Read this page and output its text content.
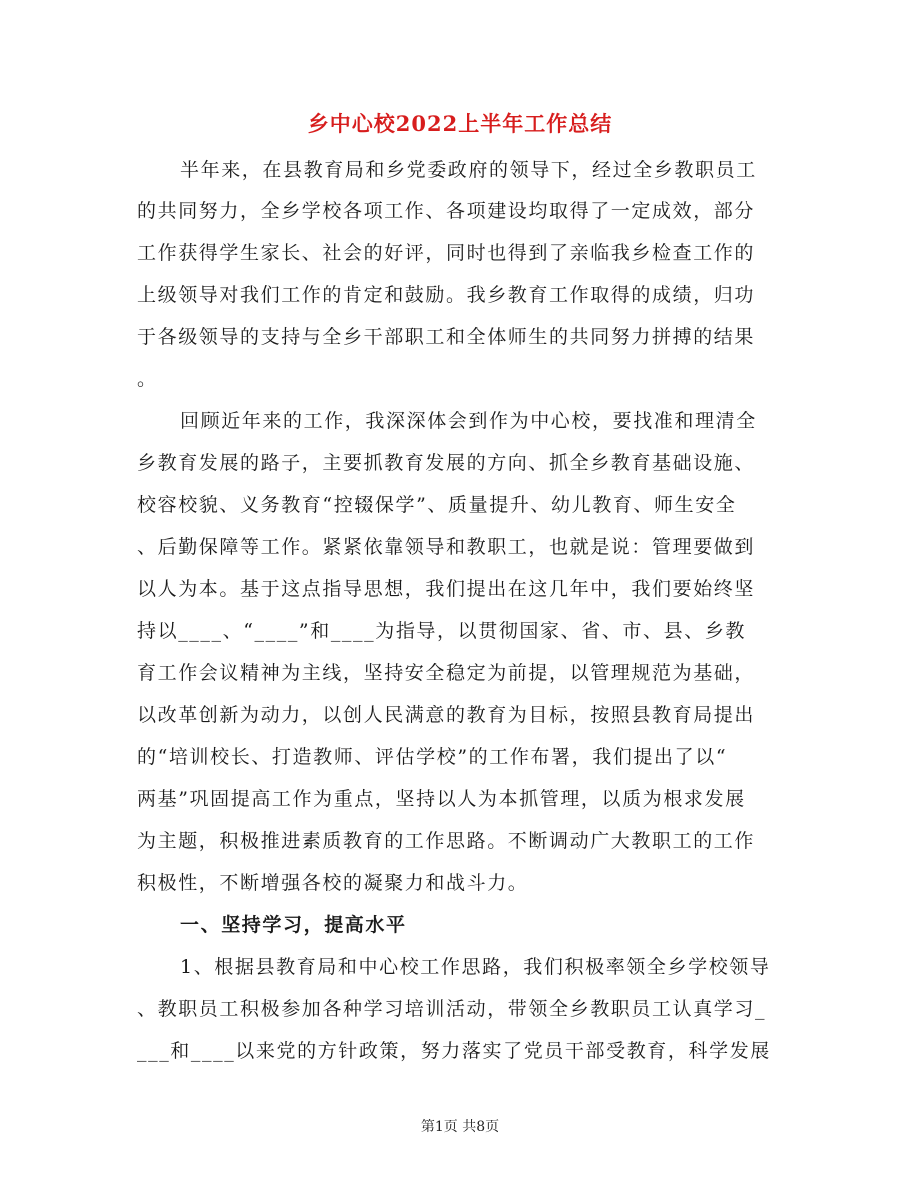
乡中心校2022上半年工作总结
半年来，在县教育局和乡党委政府的领导下，经过全乡教职员工
的共同努力，全乡学校各项工作、各项建设均取得了一定成效，部分
工作获得学生家长、社会的好评，同时也得到了亲临我乡检查工作的
上级领导对我们工作的肯定和鼓励。我乡教育工作取得的成绩，归功
于各级领导的支持与全乡干部职工和全体师生的共同努力拼搏的结果
。
回顾近年来的工作，我深深体会到作为中心校，要找准和理清全
乡教育发展的路子，主要抓教育发展的方向、抓全乡教育基础设施、
校容校貌、义务教育“控辍保学”、质量提升、幼儿教育、师生安全
、后勤保障等工作。紧紧依靠领导和教职工，也就是说：管理要做到
以人为本。基于这点指导思想，我们提出在这几年中，我们要始终坚
持以____、“____”和____为指导，以贯彻国家、省、市、县、乡教
育工作会议精神为主线，坚持安全稳定为前提，以管理规范为基础，
以改革创新为动力，以创人民满意的教育为目标，按照县教育局提出
的“培训校长、打造教师、评估学校”的工作布署，我们提出了以“
两基”巩固提高工作为重点，坚持以人为本抓管理，以质为根求发展
为主题，积极推进素质教育的工作思路。不断调动广大教职工的工作
积极性，不断增强各校的凝聚力和战斗力。
一、坚持学习，提高水平
1、根据县教育局和中心校工作思路，我们积极率领全乡学校领导
、教职员工积极参加各种学习培训活动，带领全乡教职员工认真学习_
___和____以来党的方针政策，努力落实了党员干部受教育，科学发展
第1页 共8页
